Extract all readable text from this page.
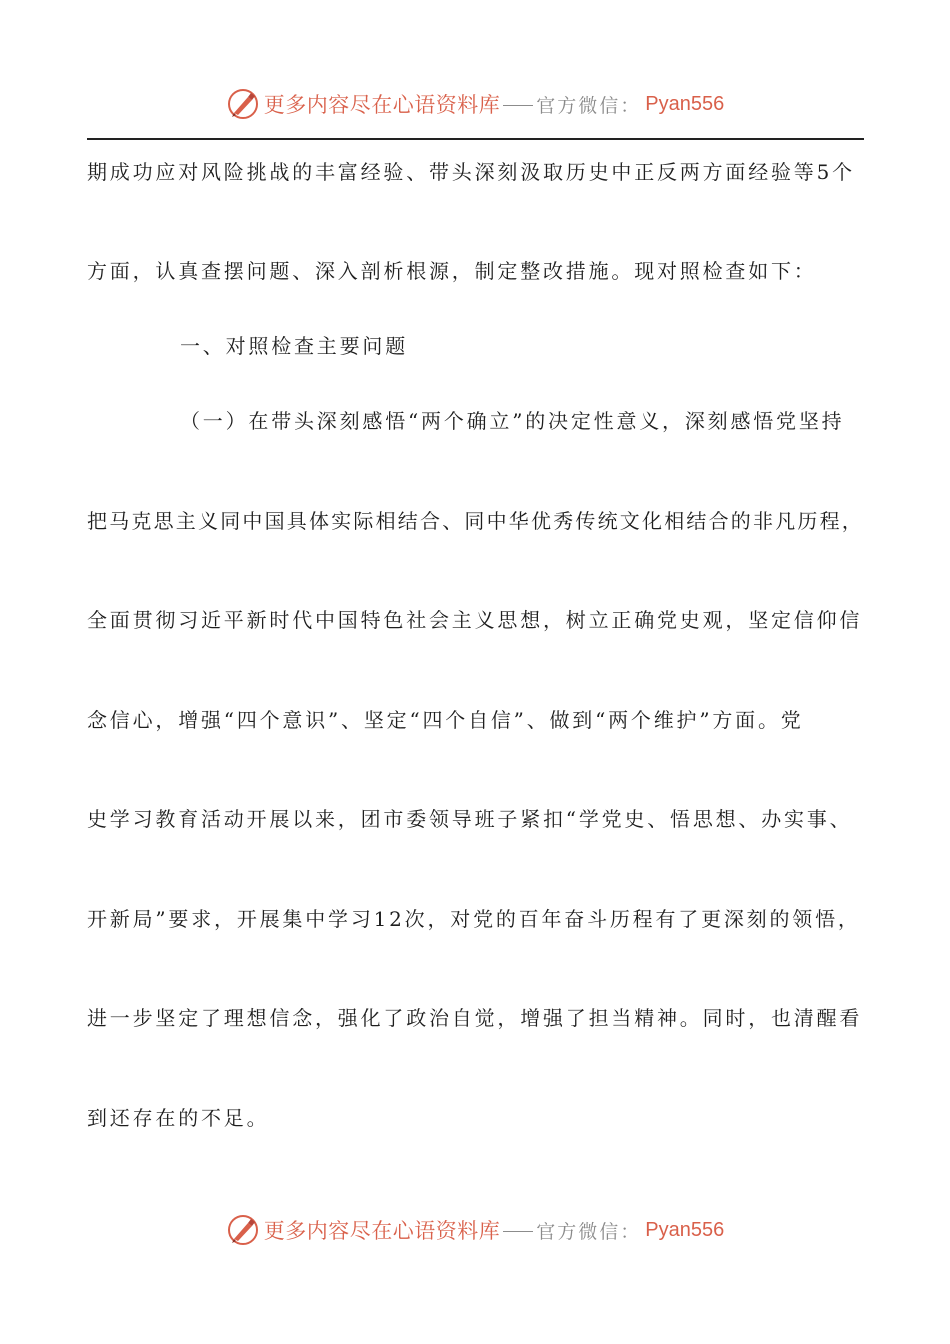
更多内容尽在心语资料库 官方微信： Pyan556
期成功应对风险挑战的丰富经验、带头深刻汲取历史中正反两方面经验等5个
方面，认真查摆问题、深入剖析根源，制定整改措施。现对照检查如下：
一、对照检查主要问题
（一）在带头深刻感悟“两个确立”的决定性意义，深刻感悟党坚持
把马克思主义同中国具体实际相结合、同中华优秀传统文化相结合的非凡历程，
全面贯彻习近平新时代中国特色社会主义思想，树立正确党史观，坚定信仰信
念信心，增强“四个意识”、坚定“四个自信”、做到“两个维护”方面。党
史学习教育活动开展以来，团市委领导班子紧扣“学党史、悟思想、办实事、
开新局”要求，开展集中学习12次，对党的百年奋斗历程有了更深刻的领悟，
进一步坚定了理想信念，强化了政治自觉，增强了担当精神。同时，也清醒看
到还存在的不足。
更多内容尽在心语资料库 官方微信： Pyan556
